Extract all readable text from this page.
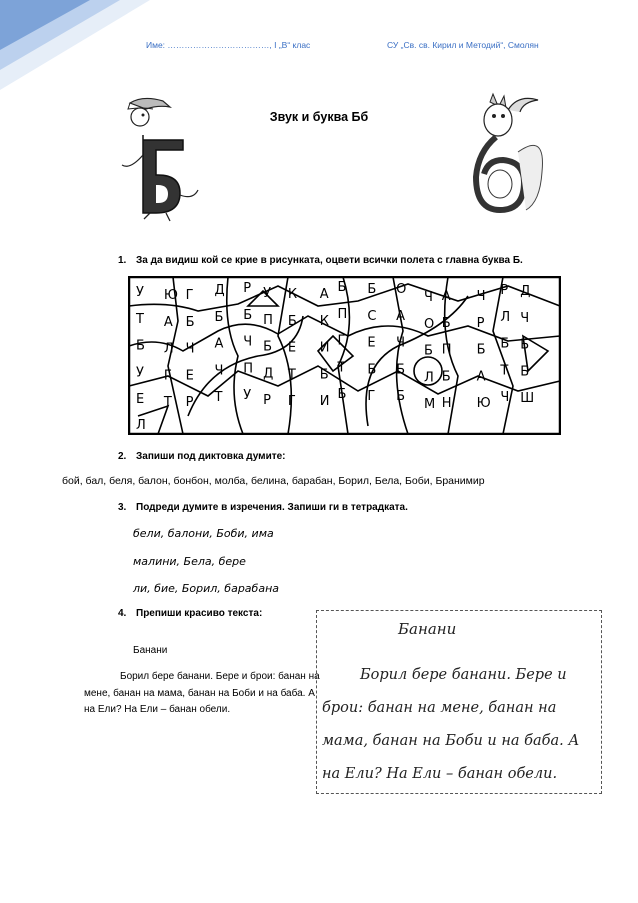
Име: ………………………………, I „В“ клас	СУ „Св. св. Кирил и Методий“, Смолян
Звук и буква Бб
1. За да видиш кой се крие в рисунката, оцвети всички полета с главна буква Б.
У Ю Г Д Р У К А Б Б О
Ч А Ч Р Д
Т А Б Б Б П Б К П С А
О Б Р Л Ч
Б Л Ч А Ч Б Е И Г Е Ч
Б П Б Б Б
У Г Е Ч П Д Т Б Т Б Б
Л Б А Т Б
Е Т Р Т У Р Г И Б Г Б
М Н Ю Ч Ш
Л
2. Запиши под диктовка думите:
бой, бал, беля, балон, бонбон, молба, белина, барабан, Борил, Бела, Боби, Бранимир
3. Подреди думите в изречения. Запиши ги в тетрадката.
бели, балони, Боби, има
малини, Бела, бере
ли, бие, Борил, барабана
4. Препиши красиво текста:
Банани
Борил бере банани. Бере и брои: банан на мене, банан на мама, банан на Боби и на баба. А на Ели? На Ели – банан обели.
Банани
Борил бере банани. Бере и
брои: банан на мене, банан на
мама, банан на Боби и на баба. А
на Ели? На Ели – банан обели.
